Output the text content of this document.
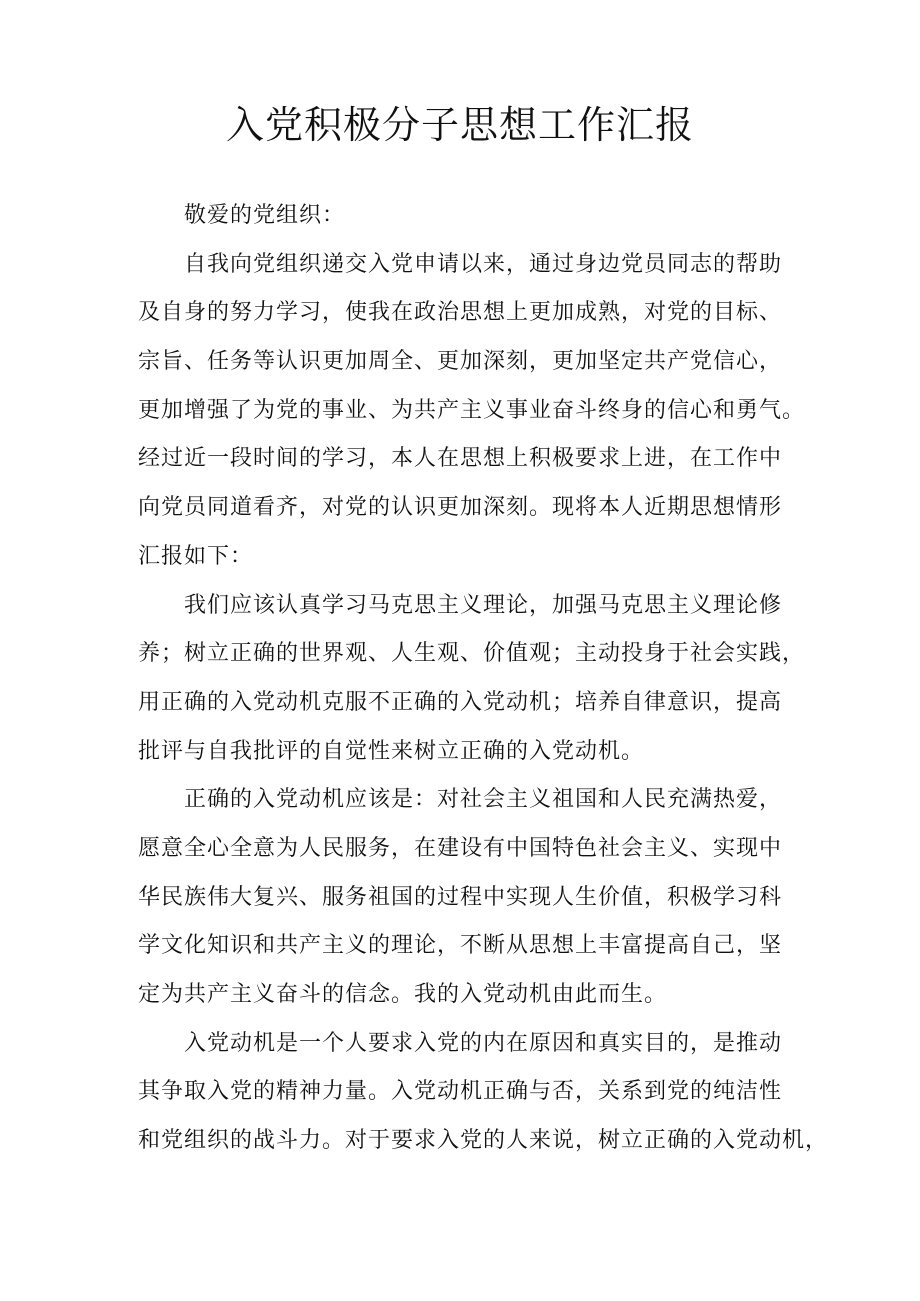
入党积极分子思想工作汇报
敬爱的党组织：
自我向党组织递交入党申请以来，通过身边党员同志的帮助
及自身的努力学习，使我在政治思想上更加成熟，对党的目标、
宗旨、任务等认识更加周全、更加深刻，更加坚定共产党信心，
更加增强了为党的事业、为共产主义事业奋斗终身的信心和勇气。
经过近一段时间的学习，本人在思想上积极要求上进，在工作中
向党员同道看齐，对党的认识更加深刻。现将本人近期思想情形
汇报如下：
我们应该认真学习马克思主义理论，加强马克思主义理论修
养；树立正确的世界观、人生观、价值观；主动投身于社会实践，
用正确的入党动机克服不正确的入党动机；培养自律意识，提高
批评与自我批评的自觉性来树立正确的入党动机。
正确的入党动机应该是：对社会主义祖国和人民充满热爱，
愿意全心全意为人民服务，在建设有中国特色社会主义、实现中
华民族伟大复兴、服务祖国的过程中实现人生价值，积极学习科
学文化知识和共产主义的理论，不断从思想上丰富提高自己，坚
定为共产主义奋斗的信念。我的入党动机由此而生。
入党动机是一个人要求入党的内在原因和真实目的，是推动
其争取入党的精神力量。入党动机正确与否，关系到党的纯洁性
和党组织的战斗力。对于要求入党的人来说，树立正确的入党动机，
